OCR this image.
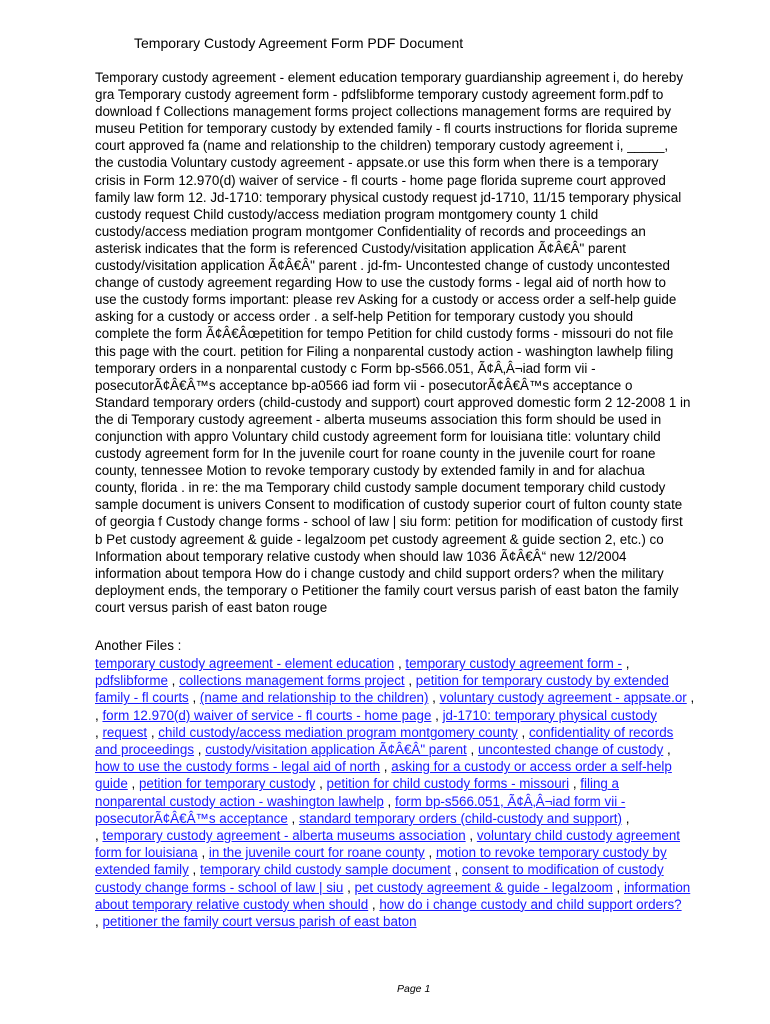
Temporary Custody Agreement Form PDF Document
Temporary custody agreement - element education temporary guardianship agreement i, do hereby
gra Temporary custody agreement form - pdfslibforme temporary custody agreement form.pdf to
download f Collections management forms project collections management forms are required by
museu Petition for temporary custody by extended family - fl courts instructions for florida supreme
court approved fa (name and relationship to the children) temporary custody agreement i, _____,
the custodia Voluntary custody agreement - appsate.or use this form when there is a temporary
crisis in Form 12.970(d) waiver of service - fl courts - home page florida supreme court approved
family law form 12. Jd-1710: temporary physical custody request jd-1710, 11/15 temporary physical
custody request Child custody/access mediation program montgomery county 1 child
custody/access mediation program montgomer Confidentiality of records and proceedings an
asterisk indicates that the form is referenced Custody/visitation application Ã¢Â€Â" parent
custody/visitation application Ã¢Â€Â" parent . jd-fm- Uncontested change of custody uncontested
change of custody agreement regarding How to use the custody forms - legal aid of north how to
use the custody forms important: please rev Asking for a custody or access order a self-help guide
asking for a custody or access order . a self-help Petition for temporary custody you should
complete the form Ã¢Â€Âœpetition for tempo Petition for child custody forms - missouri do not file
this page with the court. petition for Filing a nonparental custody action - washington lawhelp filing
temporary orders in a nonparental custody c Form bp-s566.051, Ã¢Â‚Â¬iad form vii -
posecutorÃ¢Â€Â™s acceptance bp-a0566 iad form vii - posecutorÃ¢Â€Â™s acceptance o
Standard temporary orders (child-custody and support) court approved domestic form 2 12-2008 1 in
the di Temporary custody agreement - alberta museums association this form should be used in
conjunction with appro Voluntary child custody agreement form for louisiana title: voluntary child
custody agreement form for In the juvenile court for roane county in the juvenile court for roane
county, tennessee Motion to revoke temporary custody by extended family in and for alachua
county, florida . in re: the ma Temporary child custody sample document temporary child custody
sample document is univers Consent to modification of custody superior court of fulton county state
of georgia f Custody change forms - school of law | siu form: petition for modification of custody first
b Pet custody agreement & guide - legalzoom pet custody agreement & guide section 2, etc.) co
Information about temporary relative custody when should law 1036 Ã¢Â€Â“ new 12/2004
information about tempora How do i change custody and child support orders? when the military
deployment ends, the temporary o Petitioner the family court versus parish of east baton the family
court versus parish of east baton rouge
Another Files :
temporary custody agreement - element education , temporary custody agreement form - ,
pdfslibforme , collections management forms project , petition for temporary custody by extended
family - fl courts , (name and relationship to the children) , voluntary custody agreement - appsate.or ,
, form 12.970(d) waiver of service - fl courts - home page , jd-1710: temporary physical custody
, request , child custody/access mediation program montgomery county , confidentiality of records
and proceedings , custody/visitation application Ã¢Â€Â" parent , uncontested change of custody ,
how to use the custody forms - legal aid of north , asking for a custody or access order a self-help
guide , petition for temporary custody , petition for child custody forms - missouri , filing a
nonparental custody action - washington lawhelp , form bp-s566.051, Ã¢Â‚Â¬iad form vii -
posecutorÃ¢Â€Â™s acceptance , standard temporary orders (child-custody and support) ,
, temporary custody agreement - alberta museums association , voluntary child custody agreement
form for louisiana , in the juvenile court for roane county , motion to revoke temporary custody by
extended family , temporary child custody sample document , consent to modification of custody
custody change forms - school of law | siu , pet custody agreement & guide - legalzoom , information
about temporary relative custody when should , how do i change custody and child support orders?
, petitioner the family court versus parish of east baton
Page 1
